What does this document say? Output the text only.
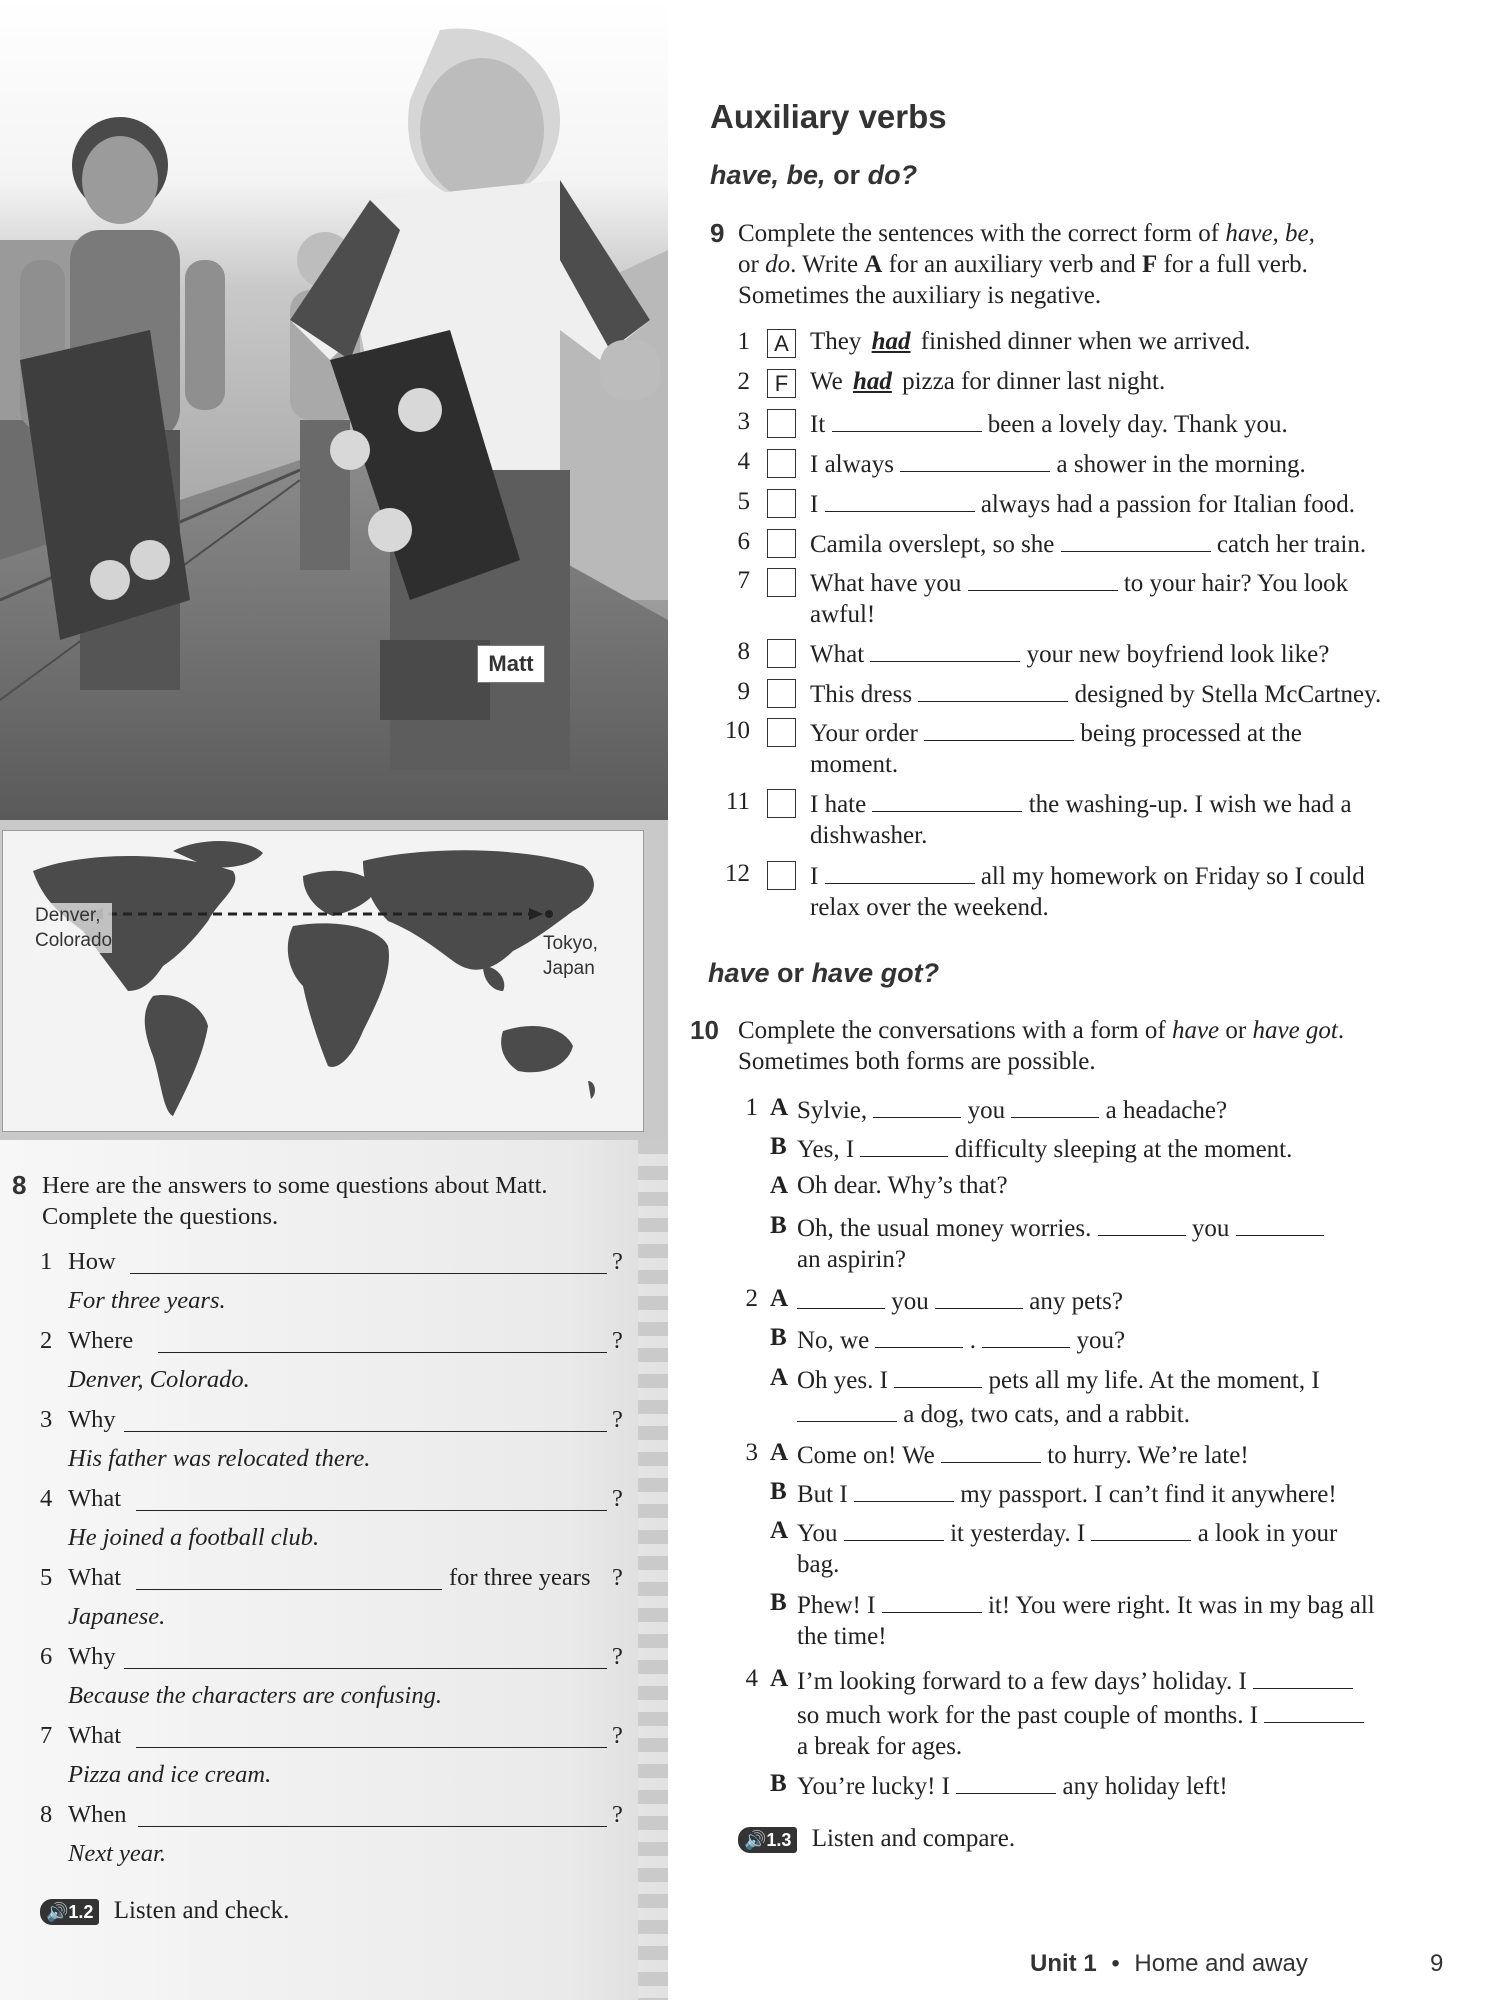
Matt
Denver,
Colorado	Tokyo,
Japan
8 Here are the answers to some questions about Matt. Complete the questions.
1 How	?
For three years.
2 Where	?
Denver, Colorado.
3 Why	?
His father was relocated there.
4 What	?
He joined a football club.
5 What	for three years ?
Japanese.
6 Why	?
Because the characters are confusing.
7 What	?
Pizza and ice cream.
8 When	?
Next year.
🔊1.2 Listen and check.
Auxiliary verbs
have, be, or do?
9 Complete the sentences with the correct form of have, be,
or do. Write A for an auxiliary verb and F for a full verb.
Sometimes the auxiliary is negative.
1	A They had finished dinner when we arrived.
2	F We had pizza for dinner last night.
3 It	been a lovely day. Thank you.
4 I always	a shower in the morning.
5 I	always had a passion for Italian food.
6 Camila overslept, so she	catch her train.
7 What have you	to your hair? You look
awful!
8 What	your new boyfriend look like?
9 This dress	designed by Stella McCartney.
10 Your order	being processed at the
moment.
11 I hate	the washing-up. I wish we had a
dishwasher.
12 I	all my homework on Friday so I could
relax over the weekend.
have or have got?
10 Complete the conversations with a form of have or have got.
Sometimes both forms are possible.
1 A Sylvie,	you	a headache?
B Yes, I	difficulty sleeping at the moment.
A Oh dear. Why’s that?
B Oh, the usual money worries.	you
an aspirin?
2 A	you	any pets?
B No, we	.	you?
A Oh yes. I	pets all my life. At the moment, I
a dog, two cats, and a rabbit.
3 A Come on! We	to hurry. We’re late!
B But I	my passport. I can’t find it anywhere!
A You	it yesterday. I	a look in your
bag.
B Phew! I	it! You were right. It was in my bag all
the time!
4 A I’m looking forward to a few days’ holiday. I
so much work for the past couple of months. I
a break for ages.
B You’re lucky! I	any holiday left!
🔊1.3 Listen and compare.
Unit 1 • Home and away	9
